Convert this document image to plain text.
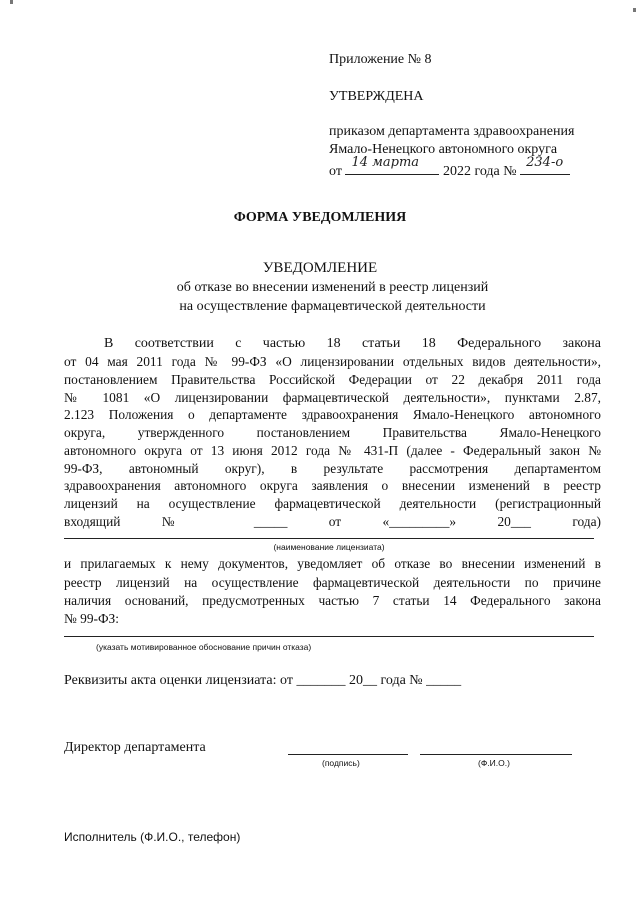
Приложение № 8
УТВЕРЖДЕНА
приказом департамента здравоохранения
Ямало-Ненецкого автономного округа
от
14 марта
2022 года №
234-о
ФОРМА УВЕДОМЛЕНИЯ
УВЕДОМЛЕНИЕ
об отказе во внесении изменений в реестр лицензий
на осуществление фармацевтической деятельности
В соответствии с частью 18 статьи 18 Федерального закона
от 04 мая 2011 года № 99-ФЗ «О лицензировании отдельных видов деятельности»,
постановлением Правительства Российской Федерации от 22 декабря 2011 года
№ 1081 «О лицензировании фармацевтической деятельности», пунктами 2.87,
2.123 Положения о департаменте здравоохранения Ямало-Ненецкого автономного
округа, утвержденного постановлением Правительства Ямало-Ненецкого
автономного округа от 13 июня 2012 года № 431-П (далее - Федеральный закон №
99-ФЗ, автономный округ), в результате рассмотрения департаментом
здравоохранения автономного округа заявления о внесении изменений в реестр
лицензий на осуществление фармацевтической деятельности (регистрационный
входящий № _____ от «_________» 20___ года)
(наименование лицензиата)
и прилагаемых к нему документов, уведомляет об отказе во внесении изменений в
реестр лицензий на осуществление фармацевтической деятельности по причине
наличия оснований, предусмотренных частью 7 статьи 14 Федерального закона
№ 99-ФЗ:
(указать мотивированное обоснование причин отказа)
Реквизиты акта оценки лицензиата: от _______ 20__ года № _____
Директор департамента
(подпись)	(Ф.И.О.)
Исполнитель (Ф.И.О., телефон)
